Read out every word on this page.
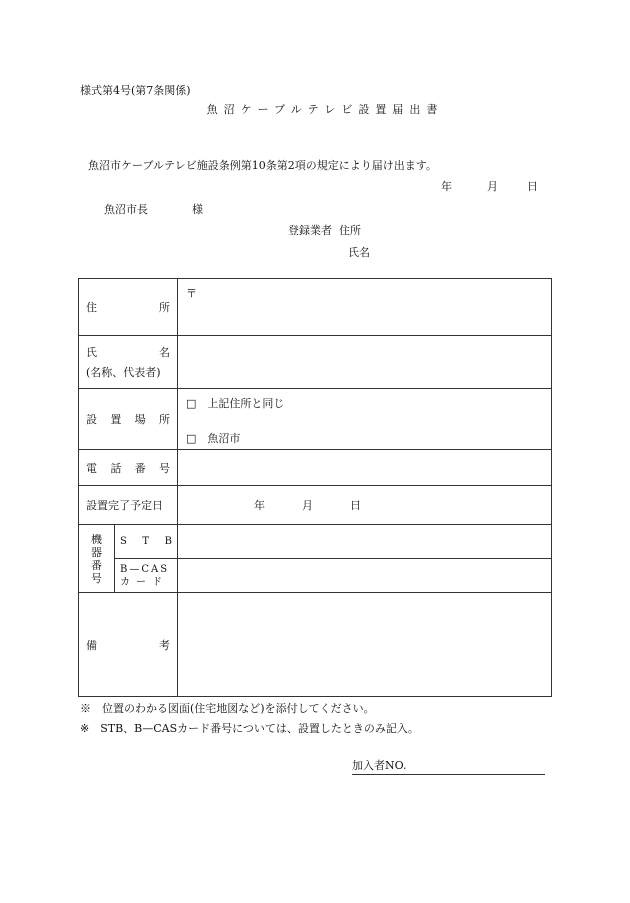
様式第4号(第7条関係)
魚沼ケーブルテレビ設置届出書
魚沼市ケーブルテレビ施設条例第10条第2項の規定により届け出ます。
年	月	日
魚沼市長	様
登録業者 住所
氏名
住 所		〒

氏 名
(名称、代表者)		

設 置 場 所		□　上記住所と同じ
□　魚沼市

電 話 番 号		

設置完了予定日		年 月 日

機
器
番
号	S T B	

	B—CAS
カード	

備 考		

※　位置のわかる図面(住宅地図など)を添付してください。
※　STB、B—CASカード番号については、設置したときのみ記入。
加入者NO.
